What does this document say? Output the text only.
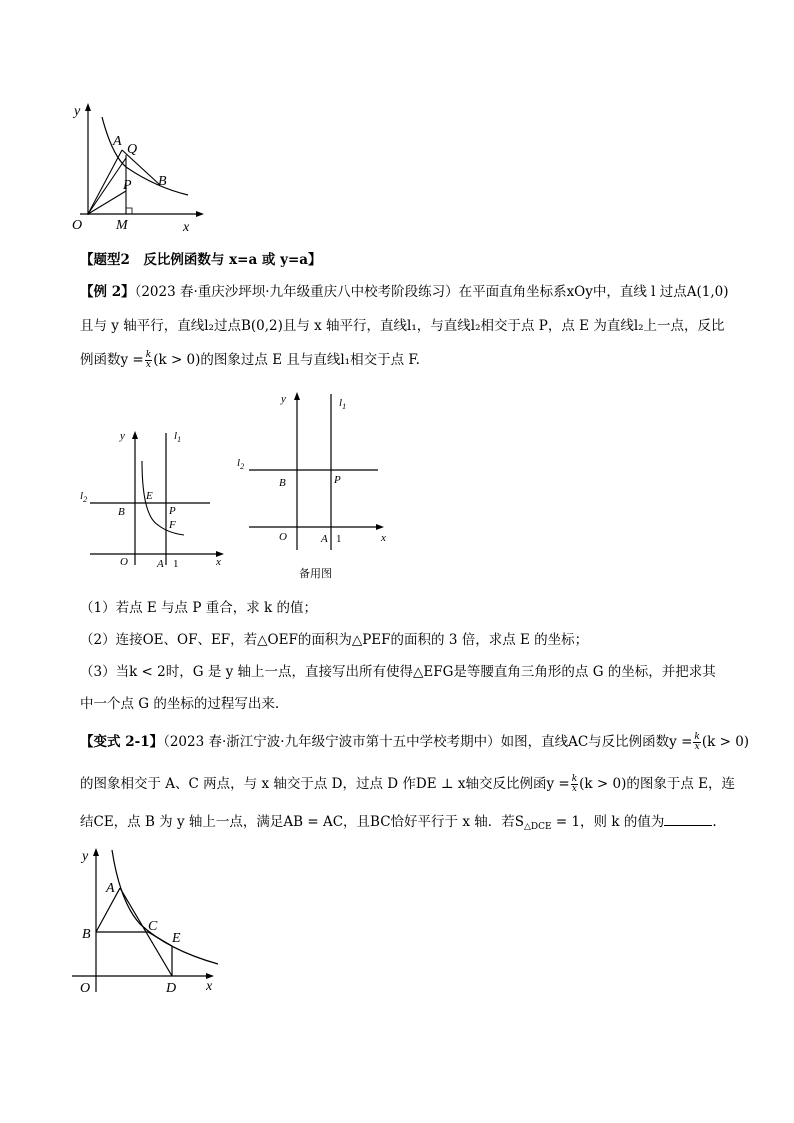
y
A
Q
P B
O M	x
【题型2　反比例函数与 x=a 或 y=a】
【例 2】（2023 春·重庆沙坪坝·九年级重庆八中校考阶段练习）在平面直角坐标系xOy中，直线 l 过点A(1,0)
且与 y 轴平行，直线l₂过点B(0,2)且与 x 轴平行，直线l₁，与直线l₂相交于点 P，点 E 为直线l₂上一点，反比
例函数$y = \frac{k}{x} (k > 0)$的图象过点 E 且与直线l₁相交于点 F.
y	$l_1$
$l_2$	E
B	P
F
O	A 1	x
y	$l_1$
$l_2$
B	P
O	A 1	x
备用图
（1）若点 E 与点 P 重合，求 k 的值；
（2）连接OE、OF、EF，若△OEF的面积为△PEF的面积的 3 倍，求点 E 的坐标；
（3）当k < 2时，G 是 y 轴上一点，直接写出所有使得△EFG是等腰直角三角形的点 G 的坐标，并把求其
中一个点 G 的坐标的过程写出来.
【变式 2-1】（2023 春·浙江宁波·九年级宁波市第十五中学校考期中）如图，直线AC与反比例函数$y = \frac{k}{x} (k > 0)$
的图象相交于 A、C 两点，与 x 轴交于点 D，过点 D 作DE ⊥ x轴交反比例函$y = \frac{k}{x} (k > 0)$的图象于点 E，连
结CE，点 B 为 y 轴上一点，满足AB = AC，且BC恰好平行于 x 轴．若$S_{\triangle DCE} = 1$，则 k 的值为	.
y
A
B
C
E
O	D x
